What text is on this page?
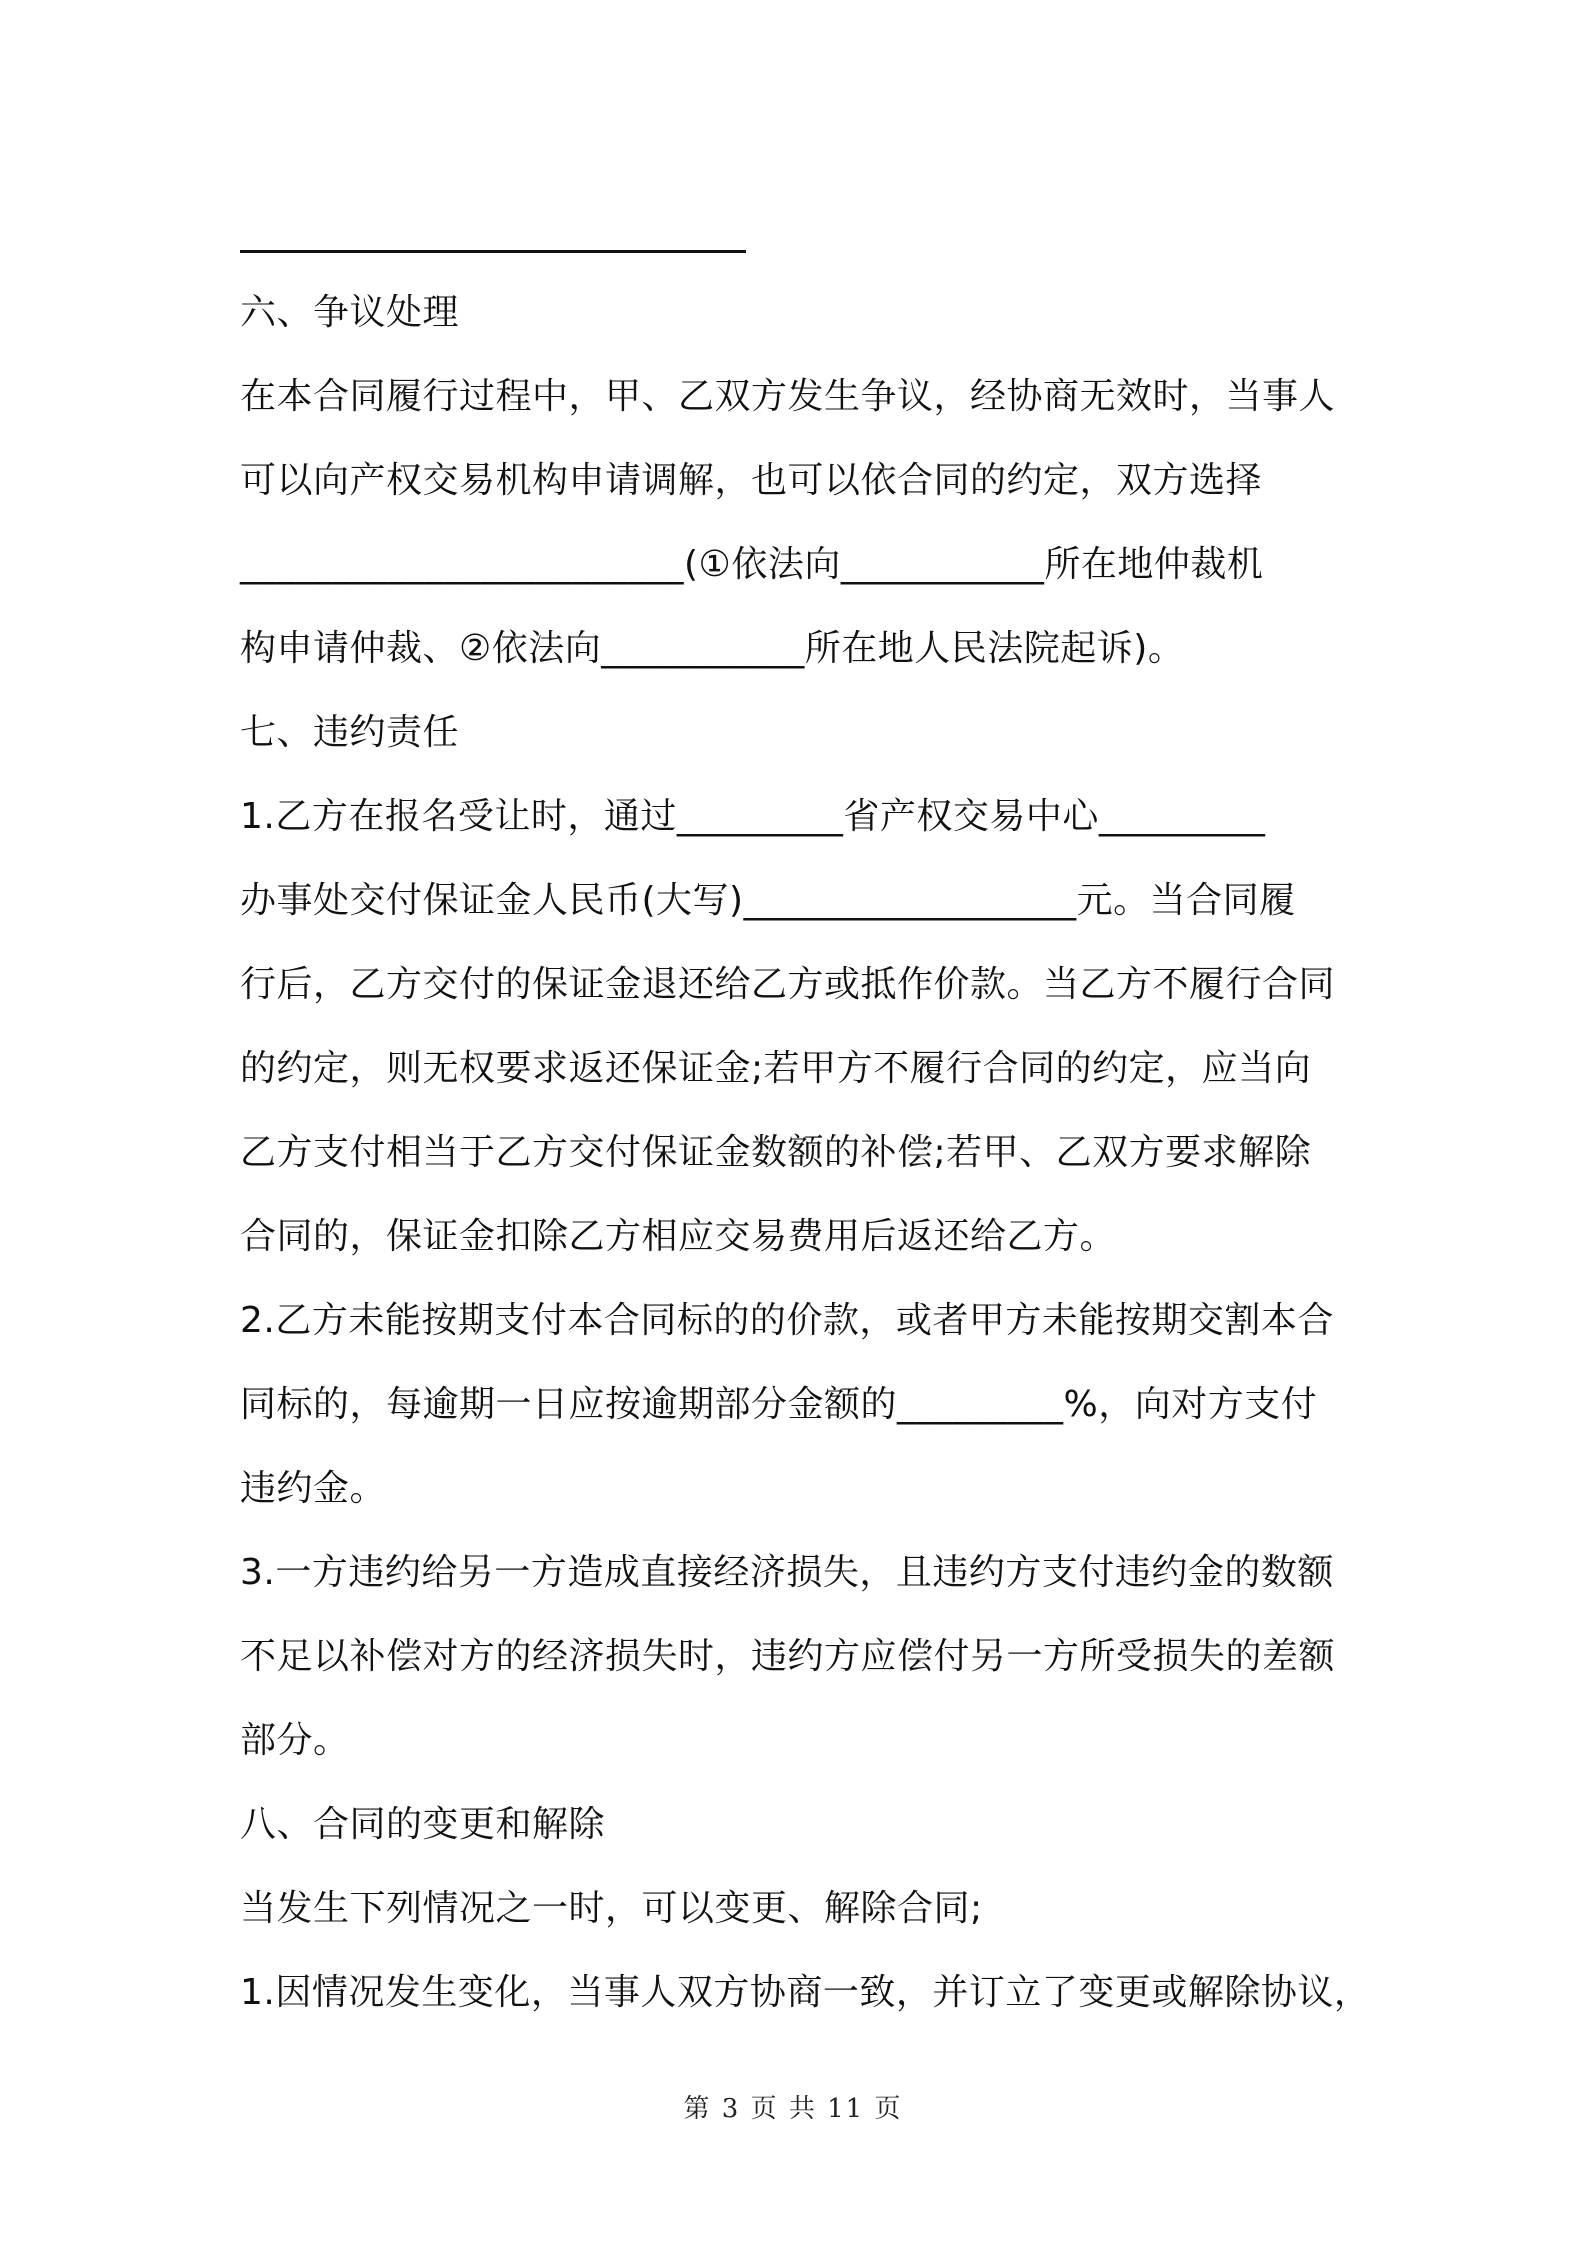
六、争议处理
在本合同履行过程中，甲、乙双方发生争议，经协商无效时，当事人
可以向产权交易机构申请调解，也可以依合同的约定，双方选择
________________________(①依法向___________所在地仲裁机
构申请仲裁、②依法向___________所在地人民法院起诉)。
七、违约责任
1.乙方在报名受让时，通过_________省产权交易中心_________
办事处交付保证金人民币(大写)__________________元。当合同履
行后，乙方交付的保证金退还给乙方或抵作价款。当乙方不履行合同
的约定，则无权要求返还保证金;若甲方不履行合同的约定，应当向
乙方支付相当于乙方交付保证金数额的补偿;若甲、乙双方要求解除
合同的，保证金扣除乙方相应交易费用后返还给乙方。
2.乙方未能按期支付本合同标的的价款，或者甲方未能按期交割本合
同标的，每逾期一日应按逾期部分金额的_________%，向对方支付
违约金。
3.一方违约给另一方造成直接经济损失，且违约方支付违约金的数额
不足以补偿对方的经济损失时，违约方应偿付另一方所受损失的差额
部分。
八、合同的变更和解除
当发生下列情况之一时，可以变更、解除合同;
1.因情况发生变化，当事人双方协商一致，并订立了变更或解除协议，
第 3 页 共 11 页
